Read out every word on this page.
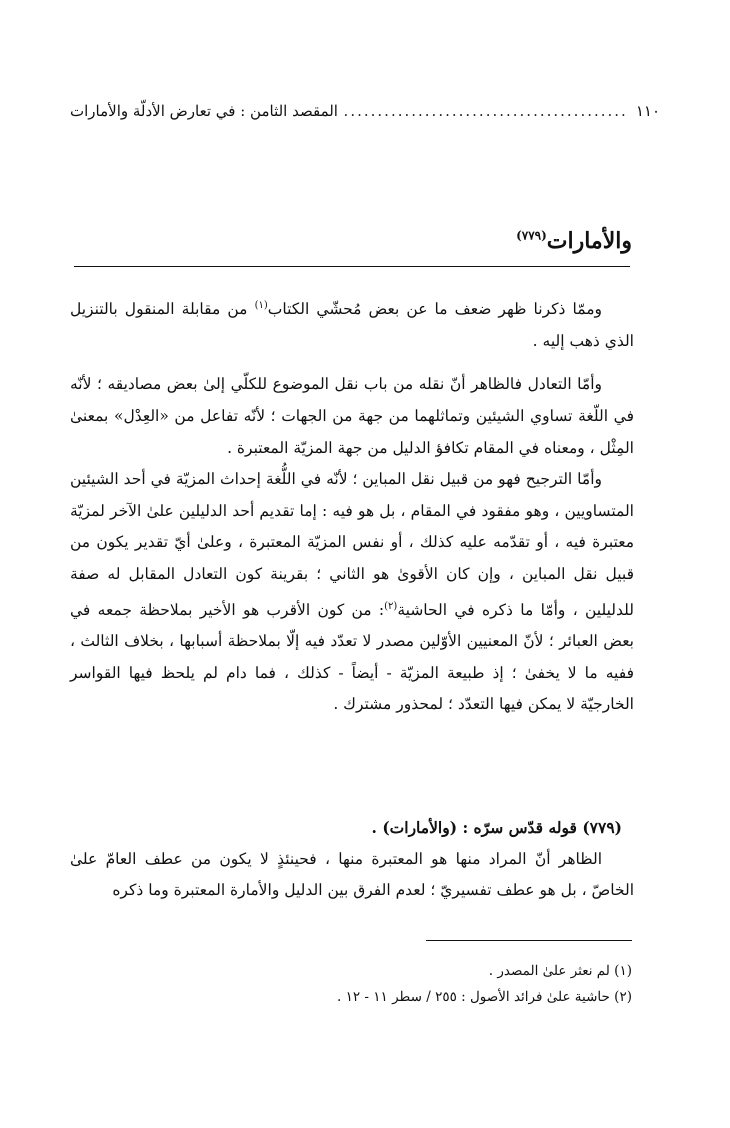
١١٠
.....
المقصد الثامن : في تعارض الأدلّة والأمارات
والأمارات$^{(٧٧٩)}$

وممّا ذكرنا ظهر ضعف ما عن بعض مُحشّي الكتاب$^{(١)}$ من مقابلة المنقول بالتنزيل الذي ذهب إليه .

وأمّا التعادل فالظاهر أنّ نقله من باب نقل الموضوع للكلّي إلىٰ بعض مصاديقه ؛ لأنّه في اللّغة تساوي الشيئين وتماثلهما من جهة من الجهات ؛ لأنّه تفاعل من «العِدْل» بمعنىٰ المِثْل ، ومعناه في المقام تكافؤ الدليل من جهة المزيّة المعتبرة .

وأمّا الترجيح فهو من قبيل نقل المباين ؛ لأنّه في اللُّغة إحداث المزيّة في أحد الشيئين المتساويين ، وهو مفقود في المقام ، بل هو فيه : إما تقديم أحد الدليلين علىٰ الآخر لمزيّة معتبرة فيه ، أو تقدّمه عليه كذلك ، أو نفس المزيّة المعتبرة ، وعلىٰ أيّ تقدير يكون من قبيل نقل المباين ، وإن كان الأقوىٰ هو الثاني ؛ بقرينة كون التعادل المقابل له صفة للدليلين ، وأمّا ما ذكره في الحاشية$^{(٢)}$: من كون الأقرب هو الأخير بملاحظة جمعه في بعض العبائر ؛ لأنّ المعنيين الأوّلين مصدر لا تعدّد فيه إلّا بملاحظة أسبابها ، بخلاف الثالث ، ففيه ما لا يخفىٰ ؛ إذ طبيعة المزيّة - أيضاً - كذلك ، فما دام لم يلحظ فيها القواسر الخارجيّة لا يمكن فيها التعدّد ؛ لمحذور مشترك .

(٧٧٩) قوله قدّس سرّه : (والأمارات) .

الظاهر أنّ المراد منها هو المعتبرة منها ، فحينئذٍ لا يكون من عطف العامّ علىٰ الخاصّ ، بل هو عطف تفسيريّ ؛ لعدم الفرق بين الدليل والأمارة المعتبرة وما ذكره

(١) لم نعثر علىٰ المصدر .

(٢) حاشية علىٰ فرائد الأصول : ٢٥٥ / سطر ١١ - ١٢ .
